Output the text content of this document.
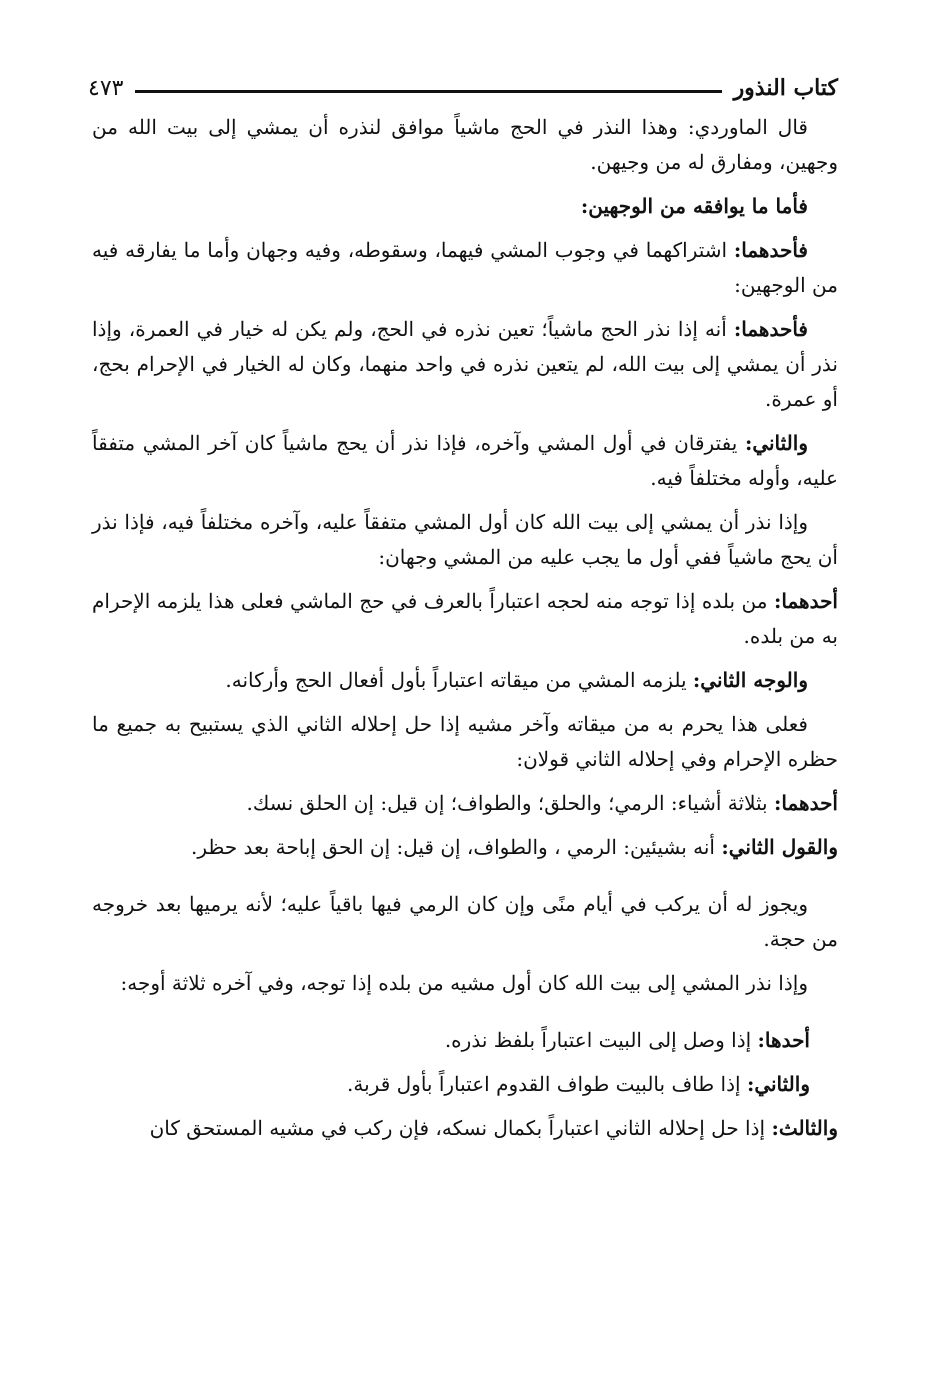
كتاب النذور
٤٧٣

قال الماوردي: وهذا النذر في الحج ماشياً موافق لنذره أن يمشي إلى بيت الله من وجهين، ومفارق له من وجيهن.

فأما ما يوافقه من الوجهين:

فأحدهما: اشتراكهما في وجوب المشي فيهما، وسقوطه، وفيه وجهان وأما ما يفارقه فيه من الوجهين:

فأحدهما: أنه إذا نذر الحج ماشياً؛ تعين نذره في الحج، ولم يكن له خيار في العمرة، وإذا نذر أن يمشي إلى بيت الله، لم يتعين نذره في واحد منهما، وكان له الخيار في الإحرام بحج، أو عمرة.

والثاني: يفترقان في أول المشي وآخره، فإذا نذر أن يحج ماشياً كان آخر المشي متفقاً عليه، وأوله مختلفاً فيه.

وإذا نذر أن يمشي إلى بيت الله كان أول المشي متفقاً عليه، وآخره مختلفاً فيه، فإذا نذر أن يحج ماشياً ففي أول ما يجب عليه من المشي وجهان:

أحدهما: من بلده إذا توجه منه لحجه اعتباراً بالعرف في حج الماشي فعلى هذا يلزمه الإحرام به من بلده.

والوجه الثاني: يلزمه المشي من ميقاته اعتباراً بأول أفعال الحج وأركانه.

فعلى هذا يحرم به من ميقاته وآخر مشيه إذا حل إحلاله الثاني الذي يستبيح به جميع ما حظره الإحرام وفي إحلاله الثاني قولان:

أحدهما: بثلاثة أشياء: الرمي؛ والحلق؛ والطواف؛ إن قيل: إن الحلق نسك.

والقول الثاني: أنه بشيئين: الرمي ، والطواف، إن قيل: إن الحق إباحة بعد حظر.

ويجوز له أن يركب في أيام منًى وإن كان الرمي فيها باقياً عليه؛ لأنه يرميها بعد خروجه من حجة.

وإذا نذر المشي إلى بيت الله كان أول مشيه من بلده إذا توجه، وفي آخره ثلاثة أوجه:

أحدها: إذا وصل إلى البيت اعتباراً بلفظ نذره.

والثاني: إذا طاف بالبيت طواف القدوم اعتباراً بأول قربة.

والثالث: إذا حل إحلاله الثاني اعتباراً بكمال نسكه، فإن ركب في مشيه المستحق كان
